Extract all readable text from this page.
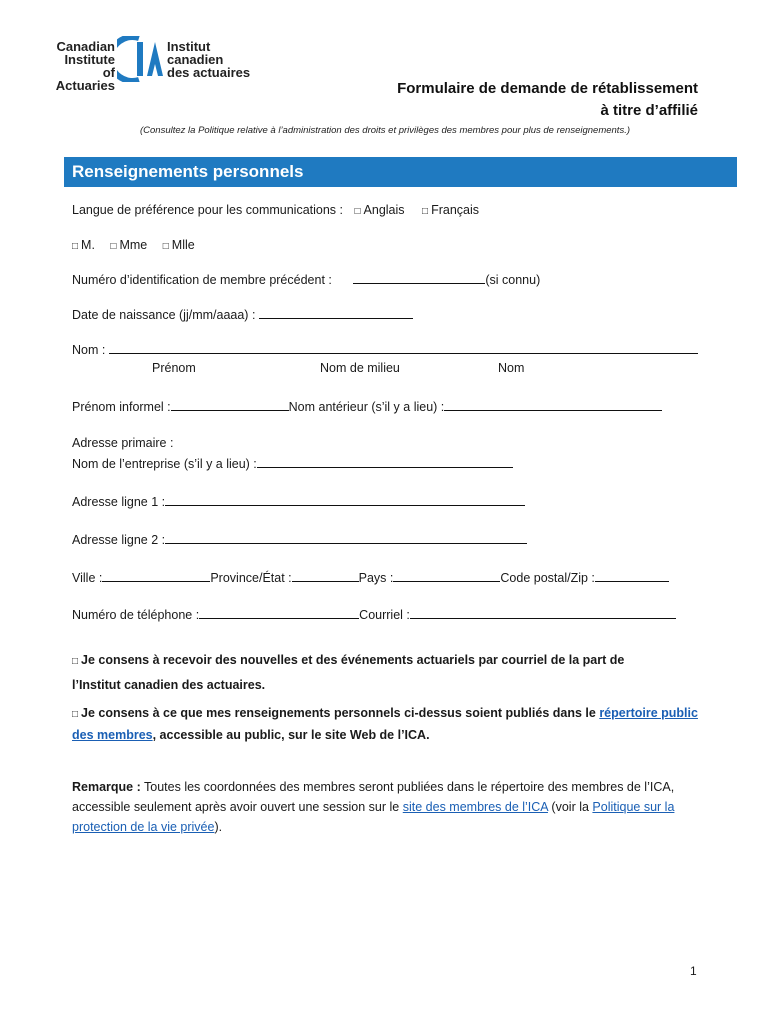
Canadian
Institute of
Actuaries
Institut
canadien
des actuaires
Formulaire de demande de rétablissement
à titre d’affilié
(Consultez la Politique relative à l’administration des droits et privilèges des membres pour plus de renseignements.)
Renseignements personnels
Langue de préférence pour les communications : □ Anglais □ Français
□ M. □ Mme □ Mlle
Numéro d’identification de membre précédent :	(si connu)
Date de naissance (jj/mm/aaaa) :
Nom :
Prénom	Nom de milieu	Nom
Prénom informel :	Nom antérieur (s’il y a lieu) :
Adresse primaire :
Nom de l’entreprise (s’il y a lieu) :
Adresse ligne 1 :
Adresse ligne 2 :
Ville :	Province/État :	Pays :	Code postal/Zip :
Numéro de téléphone :	Courriel :
□ Je consens à recevoir des nouvelles et des événements actuariels par courriel de la part de
l’Institut canadien des actuaires.
□ Je consens à ce que mes renseignements personnels ci-dessus soient publiés dans le répertoire public
des membres, accessible au public, sur le site Web de l’ICA.
Remarque : Toutes les coordonnées des membres seront publiées dans le répertoire des membres de l’ICA,
accessible seulement après avoir ouvert une session sur le site des membres de l’ICA (voir la Politique sur la
protection de la vie privée).
1
